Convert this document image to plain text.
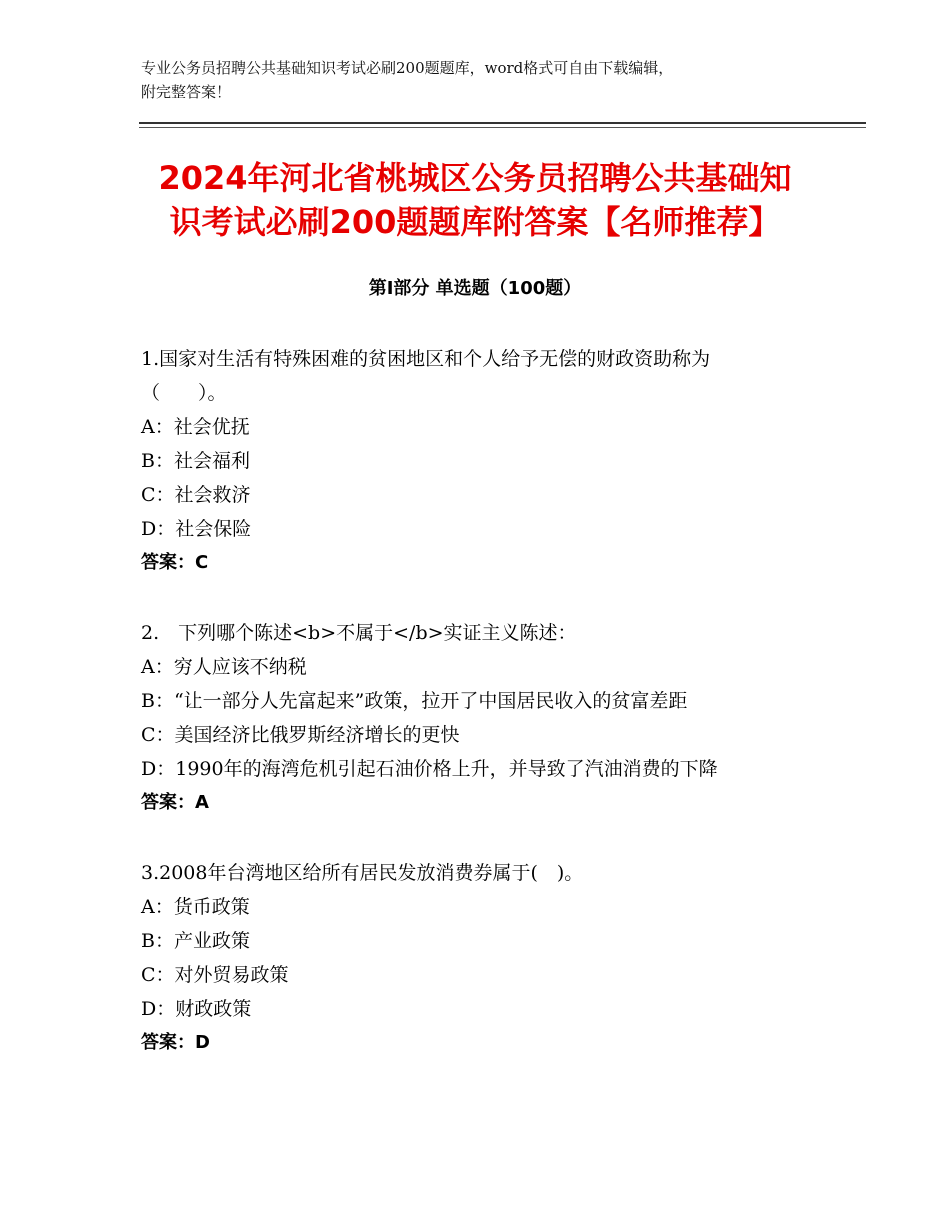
专业公务员招聘公共基础知识考试必刷200题题库，word格式可自由下载编辑，
附完整答案！
2024年河北省桃城区公务员招聘公共基础知
识考试必刷200题题库附答案【名师推荐】
第Ⅰ部分 单选题（100题）

1.国家对生活有特殊困难的贫困地区和个人给予无偿的财政资助称为

（　　）。

A：社会优抚

B：社会福利

C：社会救济

D：社会保险

答案：C

2.　下列哪个陈述<b>不属于</b>实证主义陈述：

A：穷人应该不纳税

B：“让一部分人先富起来”政策，拉开了中国居民收入的贫富差距

C：美国经济比俄罗斯经济增长的更快

D：1990年的海湾危机引起石油价格上升，并导致了汽油消费的下降

答案：A

3.2008年台湾地区给所有居民发放消费券属于(　)。

A：货币政策

B：产业政策

C：对外贸易政策

D：财政政策

答案：D
